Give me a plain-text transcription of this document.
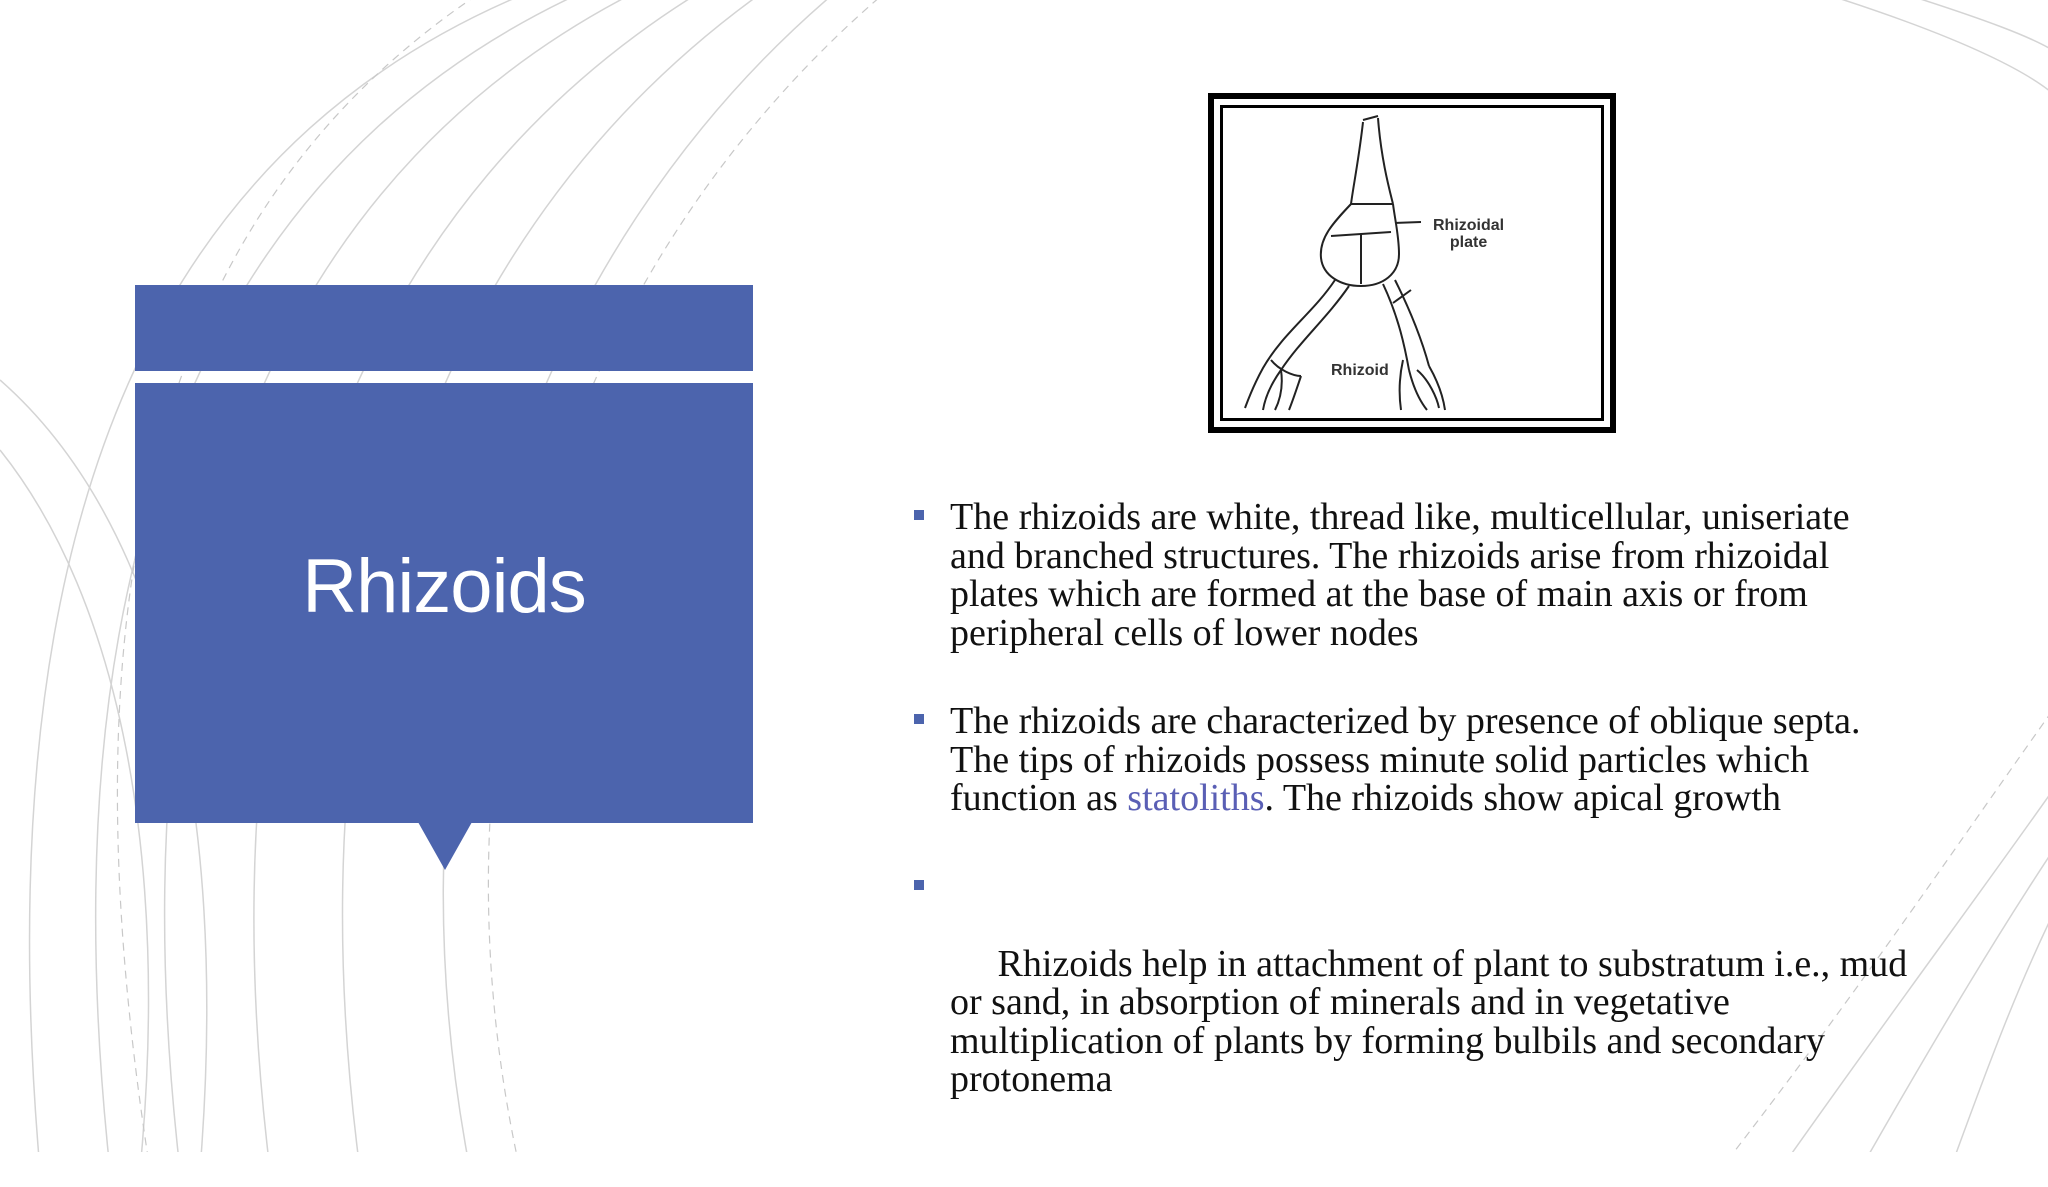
Rhizoids
Rhizoidal
plate
Rhizoid
The rhizoids are white, thread like, multicellular, uniseriate and branched structures. The rhizoids arise from rhizoidal plates which are formed at the base of main axis or from peripheral cells of lower nodes
The rhizoids are characterized by presence of oblique septa. The tips of rhizoids possess minute solid particles which function as statoliths. The rhizoids show apical growth

Rhizoids help in attachment of plant to substratum i.e., mud or sand, in absorption of minerals and in vegetative multiplication of plants by forming bulbils and secondary protonema
